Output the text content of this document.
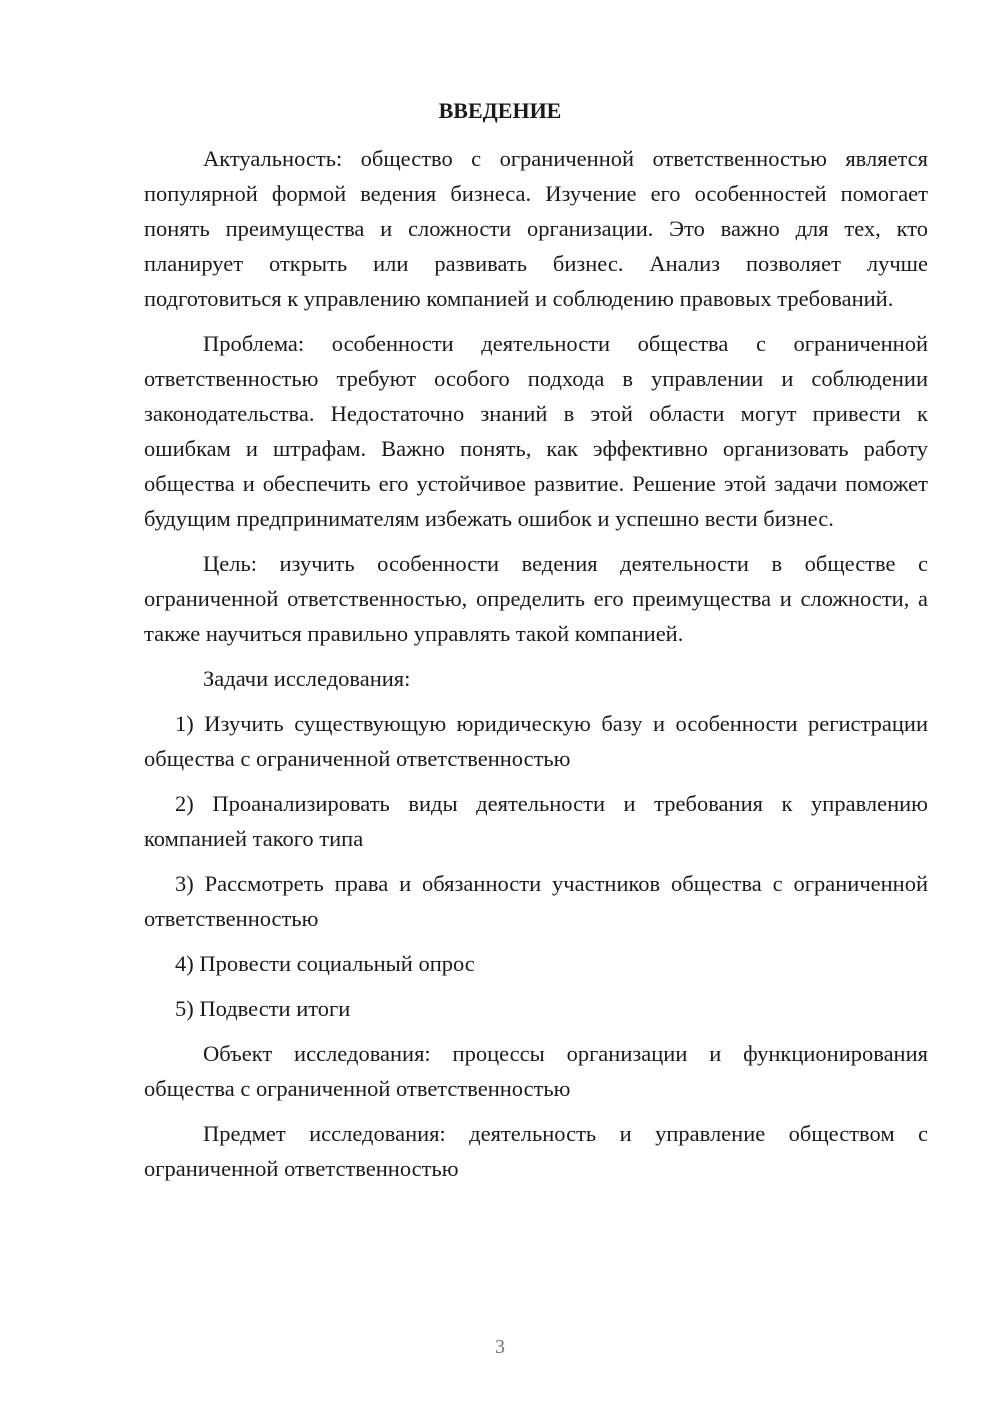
ВВЕДЕНИЕ

Актуальность: общество с ограниченной ответственностью является популярной формой ведения бизнеса. Изучение его особенностей помогает понять преимущества и сложности организации. Это важно для тех, кто планирует открыть или развивать бизнес. Анализ позволяет лучше подготовиться к управлению компанией и соблюдению правовых требований.

Проблема: особенности деятельности общества с ограниченной ответственностью требуют особого подхода в управлении и соблюдении законодательства. Недостаточно знаний в этой области могут привести к ошибкам и штрафам. Важно понять, как эффективно организовать работу общества и обеспечить его устойчивое развитие. Решение этой задачи поможет будущим предпринимателям избежать ошибок и успешно вести бизнес.

Цель: изучить особенности ведения деятельности в обществе с ограниченной ответственностью, определить его преимущества и сложности, а также научиться правильно управлять такой компанией.

Задачи исследования:

1) Изучить существующую юридическую базу и особенности регистрации общества с ограниченной ответственностью

2) Проанализировать виды деятельности и требования к управлению компанией такого типа

3) Рассмотреть права и обязанности участников общества с ограниченной ответственностью

4) Провести социальный опрос

5) Подвести итоги

Объект исследования: процессы организации и функционирования общества с ограниченной ответственностью

Предмет исследования: деятельность и управление обществом с ограниченной ответственностью

3
